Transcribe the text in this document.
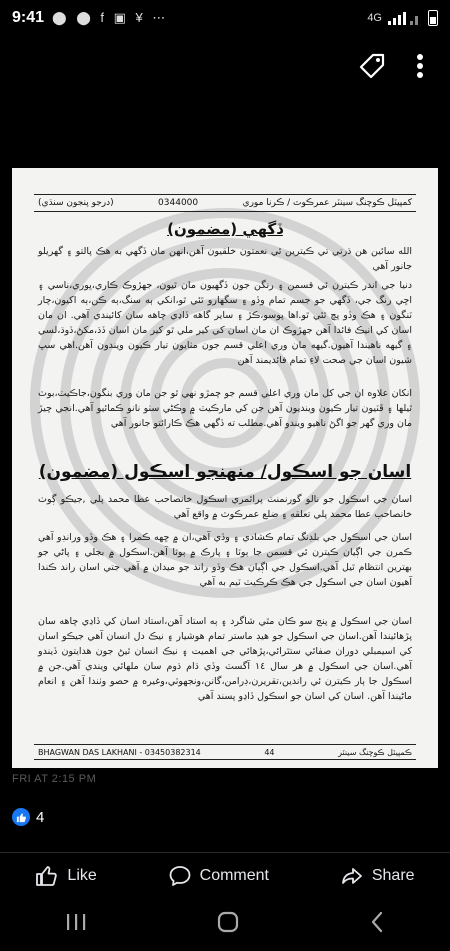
9:41 ⬤ ⬤ f ▣ ¥ ⋯	4G
كمپيٽل ڪوچنگ سينٽر عمرڪوٽ / ڪرنا موري
0344000
(درجو پنجون سنڌي)
ڏگهي (مضمون)

الله سائين هن ڌرتي تي ڪيترين ئي نعمتون خلقيون آهن،انهن مان ڏگهي به هڪ پالتو ۽ گهريلو جانور آهي

دنيا جي اندر ڪيترن ئي قسمن ۽ رنگن جون ڏگهيون مان ٿيون، جهڙوڪ ڪاري،ڀوري،ناسي ۽ اڇي رنگ جي، ڏگهي جو جسم تمام وڏو ۽ سگهارو ٿئي ٿو،انکي ٻه سنگ،ٻه ڪن،ٻه اکيون،چار ٽنگون ۽ هڪ وڏو پڇ ٿئي ٿو.اها پوسو،ڪڙ ۽ ساير گاهه ڏاڍي چاهه سان کائيندي آهي. ان مان اسان کي انيڪ فائدا آهن جهڙوڪ ان مان اسان کي کير ملي ٿو کير مان اسان ڏڌ،مکڻ،ڏوڌ،لسي ۽ گيهه ناهيندا آهيون.گيهه مان وري اعلي قسم جون مٺايون تيار ڪيون ويندون آهن.اهي سڀ شيون اسان جي صحت لاءِ تمام فائديمند آهن

انکان علاوه ان جي کل مان وري اعلي قسم جو چمڙو نهي ٿو جن مان وري بنگون،جاڪيٽ،بوٽ ٿيلها ۽ ڦٽيون تيار ڪيون وينديون آهن جن کي مارڪيٽ ۾ وڪڻي سٺو نانو ڪمائيو آهي.انجي چيڙ مان وري گهر جو اگڻ ناهيو ويندو آهي.مطلب ته ڏگهي هڪ ڪارائتو جانور آهي

اسان جو اسڪول/ منهنجو اسڪول (مضمون)

اسان جي اسڪول جو نالو گورنمنٽ پرائمري اسڪول خانصاحب عطا محمد پلي ,جيڪو ڳوٺ خانصاحب عطا محمد پلي تعلقه ۽ ضلع عمرڪوٽ ۾ واقع آهي

اسان جي اسڪول جي بلڊنگ تمام ڪشادي ۽ وڏي آهي،ان ۾ ڇهه ڪمرا ۽ هڪ وڏو ورانڊو آهي ڪمرن جي اڳيان ڪيترن ئي قسمن جا ٻوٽا ۽ پارڪ ۾ ٻوٽا آهن.اسڪول ۾ بجلي ۽ پاڻي جو بهترين انتظام ٿيل آهي.اسڪول جي اڳيان هڪ وڏو راند جو ميدان ۾ آهي جتي اسان راند ڪندا آهيون اسان جي اسڪول جي هڪ ڪرڪيٽ ٽيم به آهي

اسان جي اسڪول ۾ پنج سو ڪان مٿي شاگرد ۽ ٻه استاد آهن،استاد اسان کي ڏاڍي چاهه سان پڙهائيندا آهن.اسان جي اسڪول جو هيڊ ماستر تمام هوشيار ۽ نيڪ دل انسان آهي جيڪو اسان کي اسيمبلي دوران صفائي ستٿرائي،پڙهائي جي اهميت ۽ نيڪ انسان ٿيڻ جون هدايتون ڏيندو آهي.اسان جي اسڪول ۾ هر سال ١٤ آگسٽ وڏي ڌام ڌوم سان ملهائي ويندي آهي.جن ۾ اسڪول جا ٻار ڪيترن ئي راندين،تقريرن،ڊرامن،گانن،ونجهوٽي،وغيره ۾ حصو وٺندا آهن ۽ انعام ماڻيندا آهن. اسان کي اسان جو اسڪول ڏاڍو پسند آهي

BHAGWAN DAS LAKHANI - 03450382314	44	ڪمپيٽل ڪوچنگ سينٽر
FRI AT 2:15 PM
4
Like	Comment	Share
